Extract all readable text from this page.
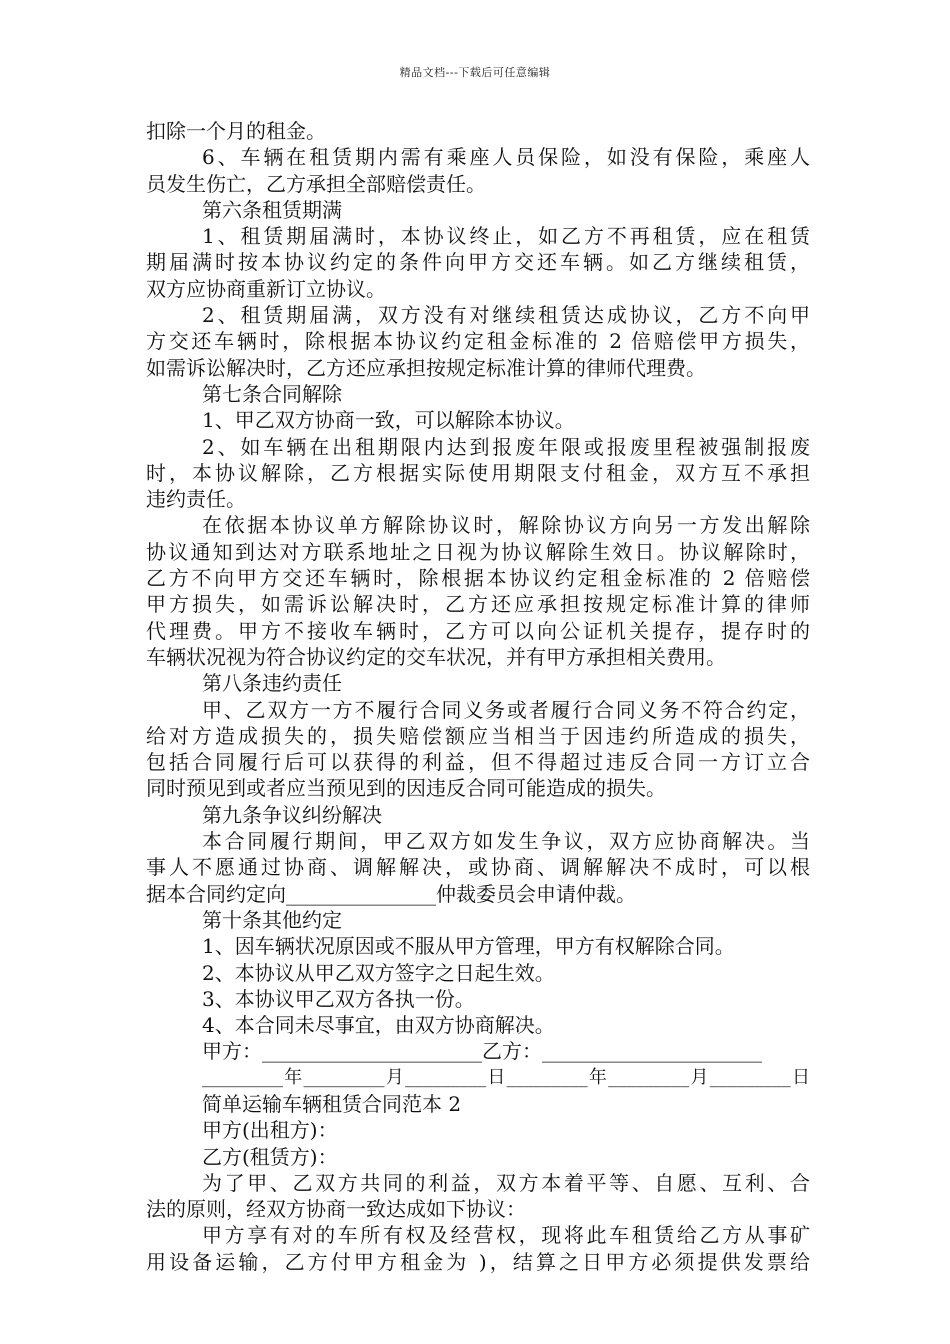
精品文档---下载后可任意编辑
扣除一个月的租金。
6、车辆在租赁期内需有乘座人员保险，如没有保险，乘座人
员发生伤亡，乙方承担全部赔偿责任。
第六条租赁期满
1、租赁期届满时，本协议终止，如乙方不再租赁，应在租赁
期届满时按本协议约定的条件向甲方交还车辆。如乙方继续租赁，
双方应协商重新订立协议。
2、租赁期届满，双方没有对继续租赁达成协议，乙方不向甲
方交还车辆时，除根据本协议约定租金标准的 2 倍赔偿甲方损失，
如需诉讼解决时，乙方还应承担按规定标准计算的律师代理费。
第七条合同解除
1、甲乙双方协商一致，可以解除本协议。
2、如车辆在出租期限内达到报废年限或报废里程被强制报废
时，本协议解除，乙方根据实际使用期限支付租金，双方互不承担
违约责任。
在依据本协议单方解除协议时，解除协议方向另一方发出解除
协议通知到达对方联系地址之日视为协议解除生效日。协议解除时，
乙方不向甲方交还车辆时，除根据本协议约定租金标准的 2 倍赔偿
甲方损失，如需诉讼解决时，乙方还应承担按规定标准计算的律师
代理费。甲方不接收车辆时，乙方可以向公证机关提存，提存时的
车辆状况视为符合协议约定的交车状况，并有甲方承担相关费用。
第八条违约责任
甲、乙双方一方不履行合同义务或者履行合同义务不符合约定，
给对方造成损失的，损失赔偿额应当相当于因违约所造成的损失，
包括合同履行后可以获得的利益，但不得超过违反合同一方订立合
同时预见到或者应当预见到的因违反合同可能造成的损失。
第九条争议纠纷解决
本合同履行期间，甲乙双方如发生争议，双方应协商解决。当
事人不愿通过协商、调解解决，或协商、调解解决不成时，可以根
据本合同约定向_______________仲裁委员会申请仲裁。
第十条其他约定
1、因车辆状况原因或不服从甲方管理，甲方有权解除合同。
2、本协议从甲乙双方签字之日起生效。
3、本协议甲乙双方各执一份。
4、本合同未尽事宜，由双方协商解决。
甲方：______________________乙方：______________________
_________年_________月_________日_________年_________月_________日
简单运输车辆租赁合同范本 2
甲方(出租方)：
乙方(租赁方)：
为了甲、乙双方共同的利益，双方本着平等、自愿、互利、合
法的原则，经双方协商一致达成如下协议：
甲方享有对的车所有权及经营权，现将此车租赁给乙方从事矿
用设备运输，乙方付甲方租金为 )，结算之日甲方必须提供发票给
